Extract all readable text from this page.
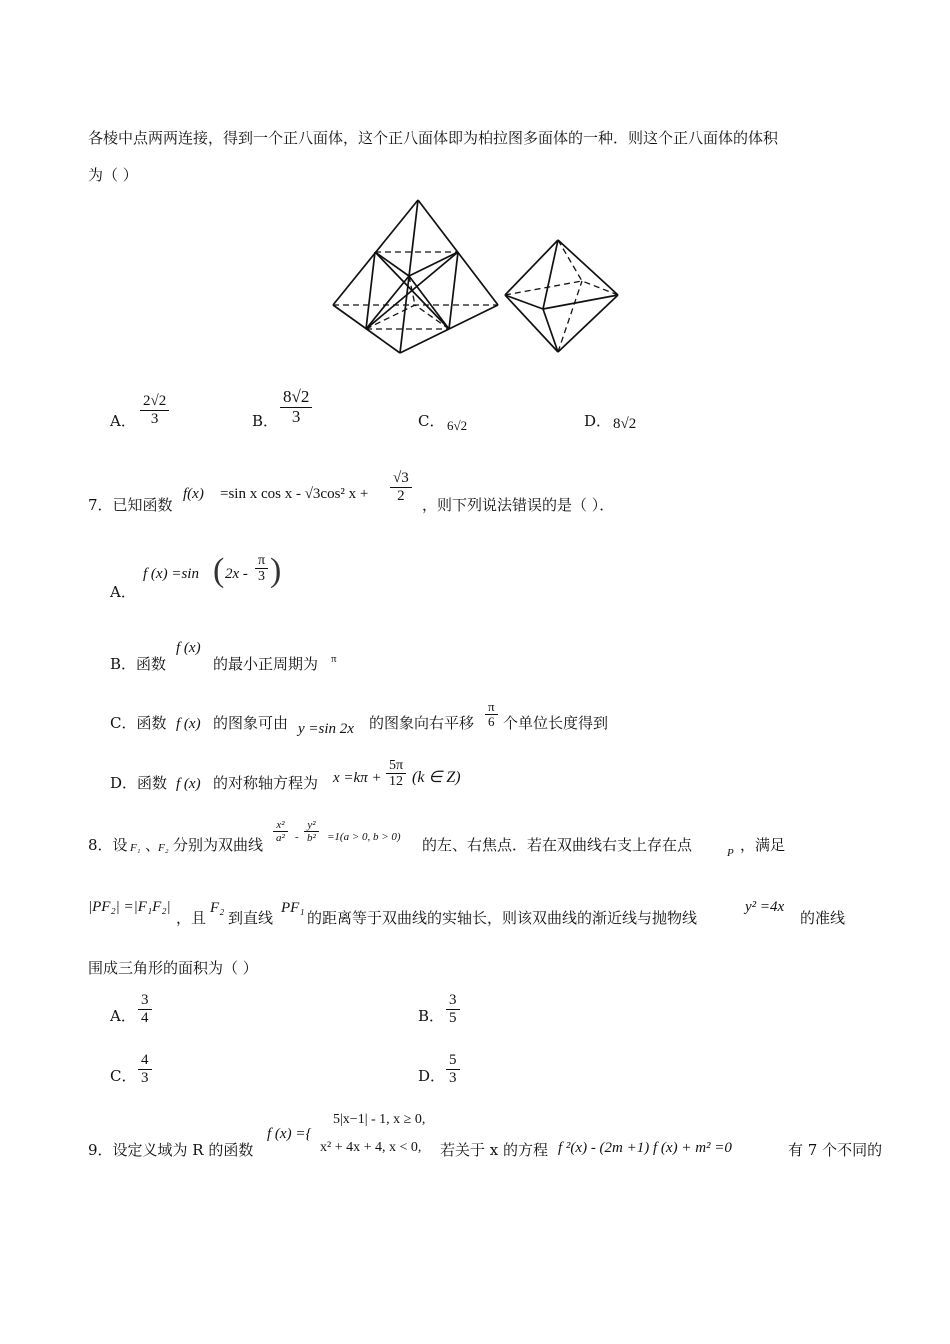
各棱中点两两连接，得到一个正八面体，这个正八面体即为柏拉图多面体的一种．则这个正八面体的体积
为（ ）
A． $\frac{2√2}{3}$	B． $\frac{8√2}{3}$	C． 6√2	D． 8√2
7．已知函数
f(x) =sin x cos x - √3cos² $x + \frac{√3}{2}$
，则下列说法错误的是（ ）．
A．
f (x) =sin ( $2x - \frac{\pi}{3}$ )
B．函数
f (x)
的最小正周期为 π
C．函数 f (x) 的图象可由 y =sin 2x 的图象向右平移 $\frac{\pi}{6}$ 个单位长度得到
D．函数 f (x) 的对称轴方程为 $x =k\pi + \frac{5\pi}{12} (k$ ∈ Z)
8．设 F₁ 、
F₂ 分别为双曲线
$\frac{\text{x²}}{\text{a²}} - \frac{\text{y²}}{\text{b²}} =1(a > 0$, b > 0) 的左、右焦点．若在双曲线右支上存在点	P ，满足
|PF₂| =|F₁F₂|
，且
F₂
到直线
PF₁
的距离等于双曲线的实轴长，则该双曲线的渐近线与抛物线
y² =4x
的准线
围成三角形的面积为（ ）
A． $\frac{3}{4}$	B． $\frac{3}{5}$
C． $\frac{4}{3}$	D． $\frac{5}{3}$
9．设定义域为 R 的函数
f (x) ={
5|x−1| - 1, x ≥ 0,
x² + 4x + 4, x < 0, 若关于 x 的方程 f ²(x) - (2m +1) f (x) + m² =0	有 7 个不同的
